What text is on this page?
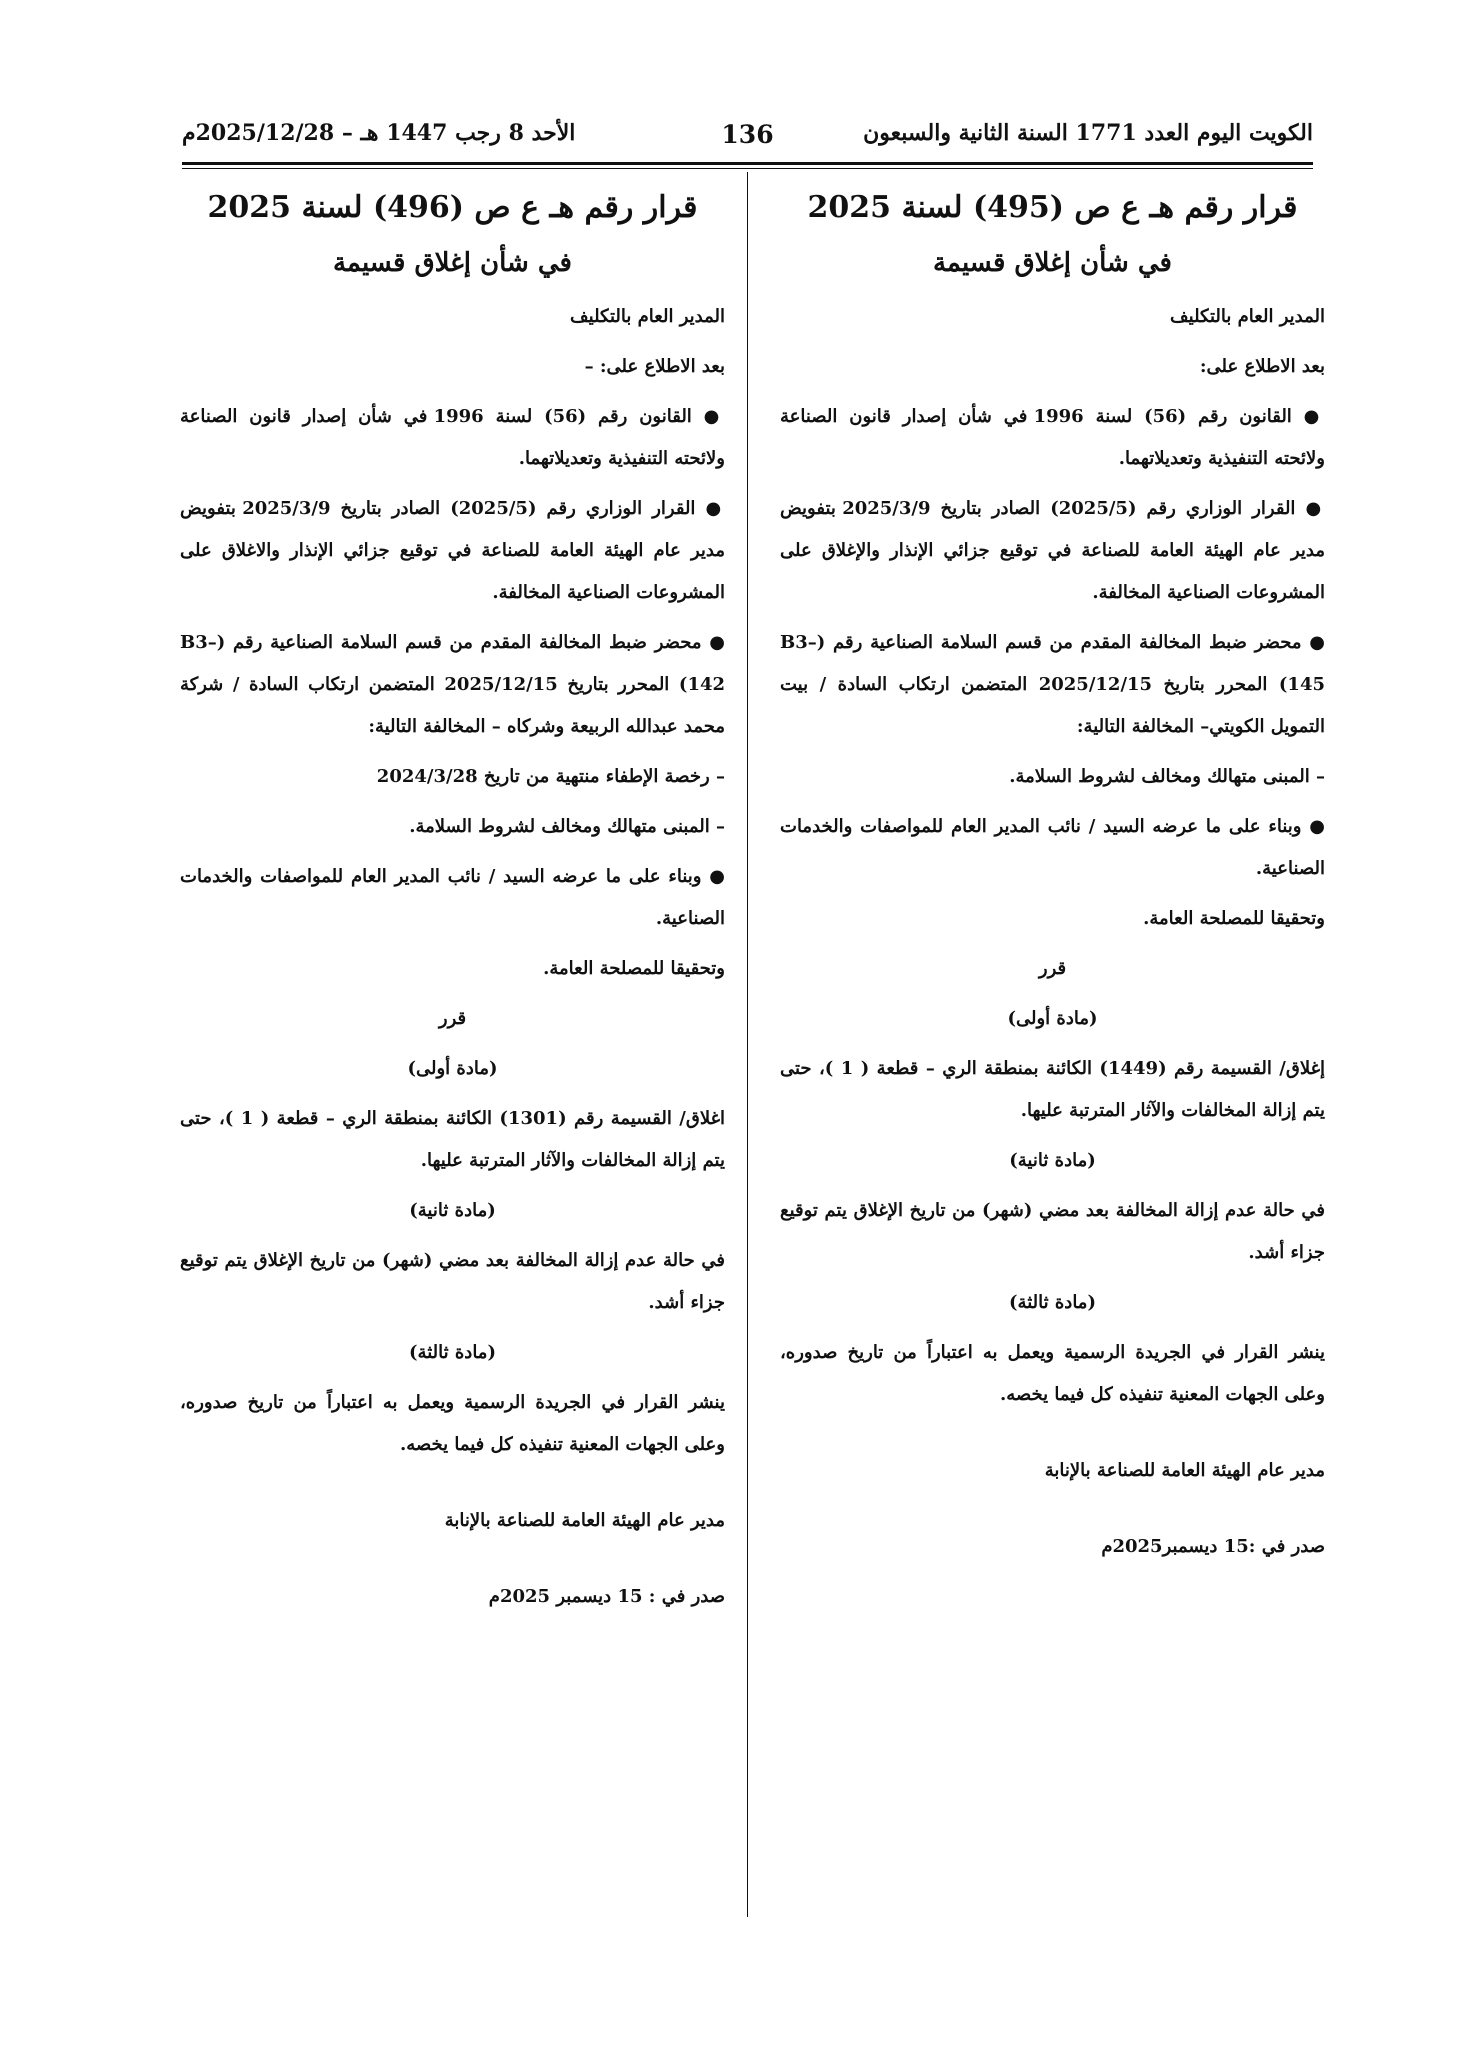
الكويت اليوم العدد 1771 السنة الثانية والسبعون
136
الأحد 8 رجب 1447 هـ – 2025/12/28م

قرار رقم هـ ع ص (495) لسنة 2025

في شأن إغلاق قسيمة

المدير العام بالتكليف

بعد الاطلاع على:

● القانون رقم (56) لسنة 1996 في شأن إصدار قانون الصناعة ولائحته التنفيذية وتعديلاتهما.

● القرار الوزاري رقم (2025/5) الصادر بتاريخ 2025/3/9 بتفويض مدير عام الهيئة العامة للصناعة في توقيع جزائي الإنذار والإغلاق على المشروعات الصناعية المخالفة.

● محضر ضبط المخالفة المقدم من قسم السلامة الصناعية رقم (B3–145) المحرر بتاريخ 2025/12/15 المتضمن ارتكاب السادة / بيت التمويل الكويتي– المخالفة التالية:

– المبنى متهالك ومخالف لشروط السلامة.

● وبناء على ما عرضه السيد / نائب المدير العام للمواصفات والخدمات الصناعية.

وتحقيقا للمصلحة العامة.

قرر

(مادة أولى)

إغلاق/ القسيمة رقم (1449) الكائنة بمنطقة الري – قطعة ( 1 )، حتى يتم إزالة المخالفات والآثار المترتبة عليها.

(مادة ثانية)

في حالة عدم إزالة المخالفة بعد مضي (شهر) من تاريخ الإغلاق يتم توقيع جزاء أشد.

(مادة ثالثة)

ينشر القرار في الجريدة الرسمية ويعمل به اعتباراً من تاريخ صدوره، وعلى الجهات المعنية تنفيذه كل فيما يخصه.

مدير عام الهيئة العامة للصناعة بالإنابة

صدر في :15 ديسمبر2025م

قرار رقم هـ ع ص (496) لسنة 2025

في شأن إغلاق قسيمة

المدير العام بالتكليف

بعد الاطلاع على: –

● القانون رقم (56) لسنة 1996 في شأن إصدار قانون الصناعة ولائحته التنفيذية وتعديلاتهما.

● القرار الوزاري رقم (2025/5) الصادر بتاريخ 2025/3/9 بتفويض مدير عام الهيئة العامة للصناعة في توقيع جزائي الإنذار والاغلاق على المشروعات الصناعية المخالفة.

● محضر ضبط المخالفة المقدم من قسم السلامة الصناعية رقم (B3–142) المحرر بتاريخ 2025/12/15 المتضمن ارتكاب السادة / شركة محمد عبدالله الربيعة وشركاه – المخالفة التالية:

– رخصة الإطفاء منتهية من تاريخ 2024/3/28

– المبنى متهالك ومخالف لشروط السلامة.

● وبناء على ما عرضه السيد / نائب المدير العام للمواصفات والخدمات الصناعية.

وتحقيقا للمصلحة العامة.

قرر

(مادة أولى)

اغلاق/ القسيمة رقم (1301) الكائنة بمنطقة الري – قطعة ( 1 )، حتى يتم إزالة المخالفات والآثار المترتبة عليها.

(مادة ثانية)

في حالة عدم إزالة المخالفة بعد مضي (شهر) من تاريخ الإغلاق يتم توقيع جزاء أشد.

(مادة ثالثة)

ينشر القرار في الجريدة الرسمية ويعمل به اعتباراً من تاريخ صدوره، وعلى الجهات المعنية تنفيذه كل فيما يخصه.

مدير عام الهيئة العامة للصناعة بالإنابة

صدر في : 15 ديسمبر 2025م
